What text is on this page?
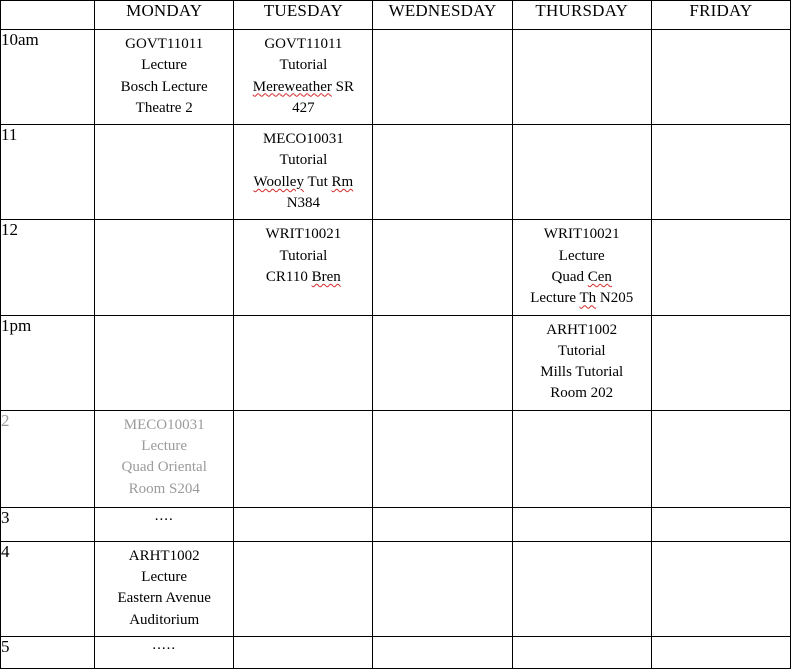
	MONDAY	TUESDAY	WEDNESDAY	THURSDAY	FRIDAY
10am	GOVT11011
Lecture
Bosch Lecture
Theatre 2	GOVT11011
Tutorial
Mereweather SR
427			

11		MECO10031
Tutorial
Woolley Tut Rm
N384			

12		WRIT10021
Tutorial
CR110 Bren		WRIT10021
Lecture
Quad Cen
Lecture Th N205	

1pm				ARHT1002
Tutorial
Mills Tutorial
Room 202	

2	MECO10031
Lecture
Quad Oriental
Room S204				

3	....				

4	ARHT1002
Lecture
Eastern Avenue
Auditorium				

5	.....				
